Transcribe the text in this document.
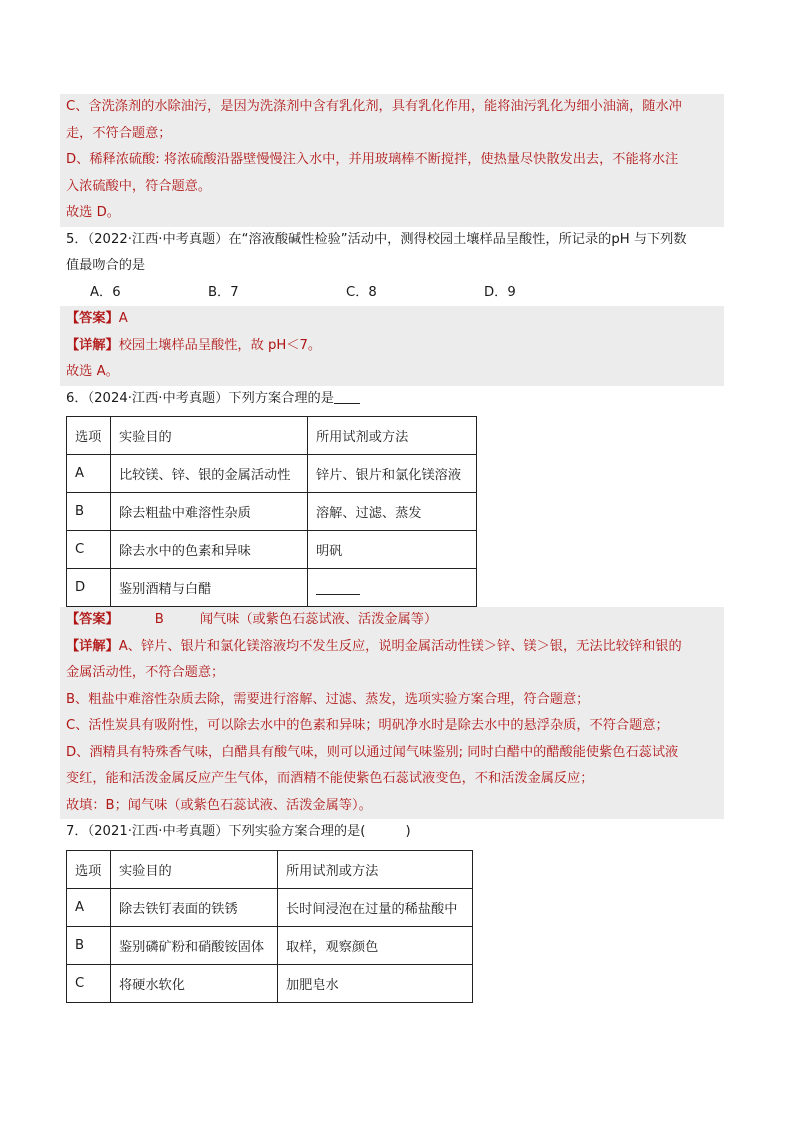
C、含洗涤剂的水除油污，是因为洗涤剂中含有乳化剂，具有乳化作用，能将油污乳化为细小油滴，随水冲
走，不符合题意；
D、稀释浓硫酸: 将浓硫酸沿器壁慢慢注入水中，并用玻璃棒不断搅拌，使热量尽快散发出去，不能将水注
入浓硫酸中，符合题意。
故选 D。
5．（2022·江西·中考真题）在“溶液酸碱性检验”活动中，测得校园土壤样品呈酸性，所记录的pH 与下列数
值最吻合的是
A．6	B．7	C．8	D．9
【答案】A
【详解】校园土壤样品呈酸性，故 pH＜7。
故选 A。
6．（2024·江西·中考真题）下列方案合理的是
选项	实验目的	所用试剂或方法
A	比较镁、锌、银的金属活动性	锌片、银片和氯化镁溶液
B	除去粗盐中难溶性杂质	溶解、过滤、蒸发
C	除去水中的色素和异味	明矾
D	鉴别酒精与白醋	
【答案】	B	闻气味（或紫色石蕊试液、活泼金属等）
【详解】A、锌片、银片和氯化镁溶液均不发生反应，说明金属活动性镁＞锌、镁＞银，无法比较锌和银的
金属活动性，不符合题意；
B、粗盐中难溶性杂质去除，需要进行溶解、过滤、蒸发，选项实验方案合理，符合题意；
C、活性炭具有吸附性，可以除去水中的色素和异味；明矾净水时是除去水中的悬浮杂质，不符合题意；
D、酒精具有特殊香气味，白醋具有酸气味，则可以通过闻气味鉴别; 同时白醋中的醋酸能使紫色石蕊试液
变红，能和活泼金属反应产生气体，而酒精不能使紫色石蕊试液变色，不和活泼金属反应；
故填：B；闻气味（或紫色石蕊试液、活泼金属等）。
7．（2021·江西·中考真题）下列实验方案合理的是(	)
选项	实验目的	所用试剂或方法
A	除去铁钉表面的铁锈	长时间浸泡在过量的稀盐酸中
B	鉴别磷矿粉和硝酸铵固体	取样，观察颜色
C	将硬水软化	加肥皂水
